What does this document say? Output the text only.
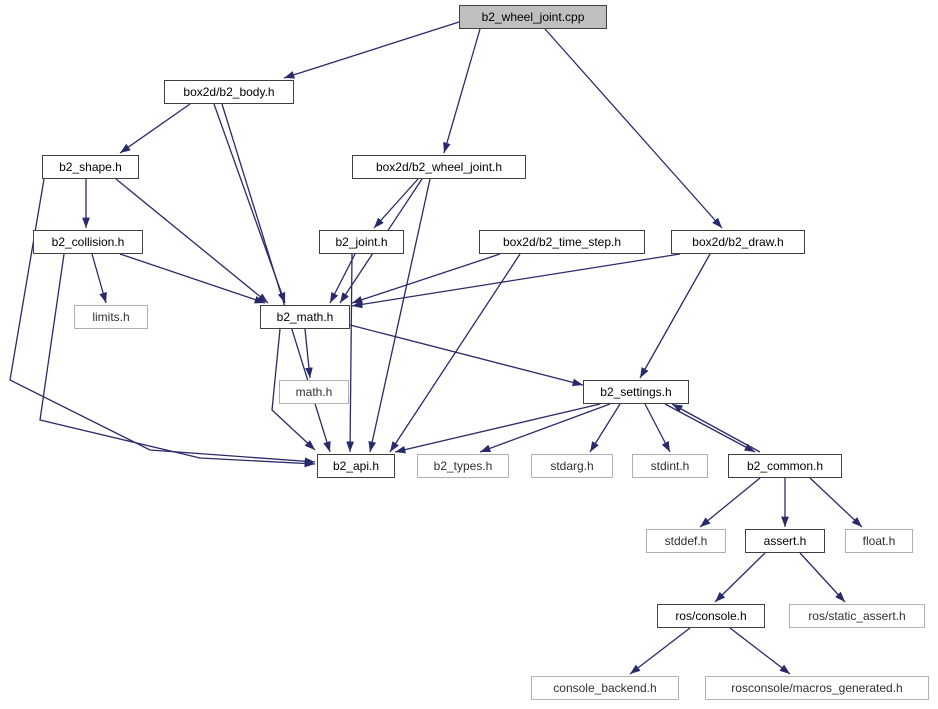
b2_wheel_joint.cpp
box2d/b2_body.h
b2_shape.h	box2d/b2_wheel_joint.h
b2_collision.h	b2_joint.h	box2d/b2_time_step.h	box2d/b2_draw.h
limits.h	b2_math.h
math.h	b2_settings.h
b2_api.h	b2_types.h	stdarg.h	stdint.h	b2_common.h
stddef.h	assert.h	float.h
ros/console.h	ros/static_assert.h
console_backend.h	rosconsole/macros_generated.h
